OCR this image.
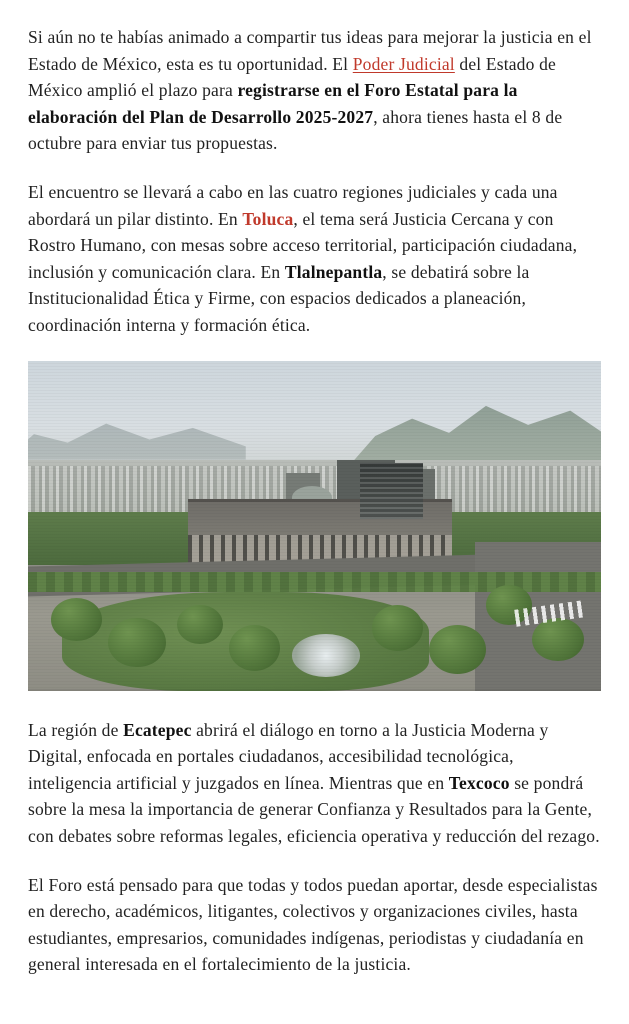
Si aún no te habías animado a compartir tus ideas para mejorar la justicia en el Estado de México, esta es tu oportunidad. El Poder Judicial del Estado de México amplió el plazo para registrarse en el Foro Estatal para la elaboración del Plan de Desarrollo 2025-2027, ahora tienes hasta el 8 de octubre para enviar tus propuestas.

El encuentro se llevará a cabo en las cuatro regiones judiciales y cada una abordará un pilar distinto. En Toluca, el tema será Justicia Cercana y con Rostro Humano, con mesas sobre acceso territorial, participación ciudadana, inclusión y comunicación clara. En Tlalnepantla, se debatirá sobre la Institucionalidad Ética y Firme, con espacios dedicados a planeación, coordinación interna y formación ética.

La región de Ecatepec abrirá el diálogo en torno a la Justicia Moderna y Digital, enfocada en portales ciudadanos, accesibilidad tecnológica, inteligencia artificial y juzgados en línea. Mientras que en Texcoco se pondrá sobre la mesa la importancia de generar Confianza y Resultados para la Gente, con debates sobre reformas legales, eficiencia operativa y reducción del rezago.

El Foro está pensado para que todas y todos puedan aportar, desde especialistas en derecho, académicos, litigantes, colectivos y organizaciones civiles, hasta estudiantes, empresarios, comunidades indígenas, periodistas y ciudadanía en general interesada en el fortalecimiento de la justicia.
